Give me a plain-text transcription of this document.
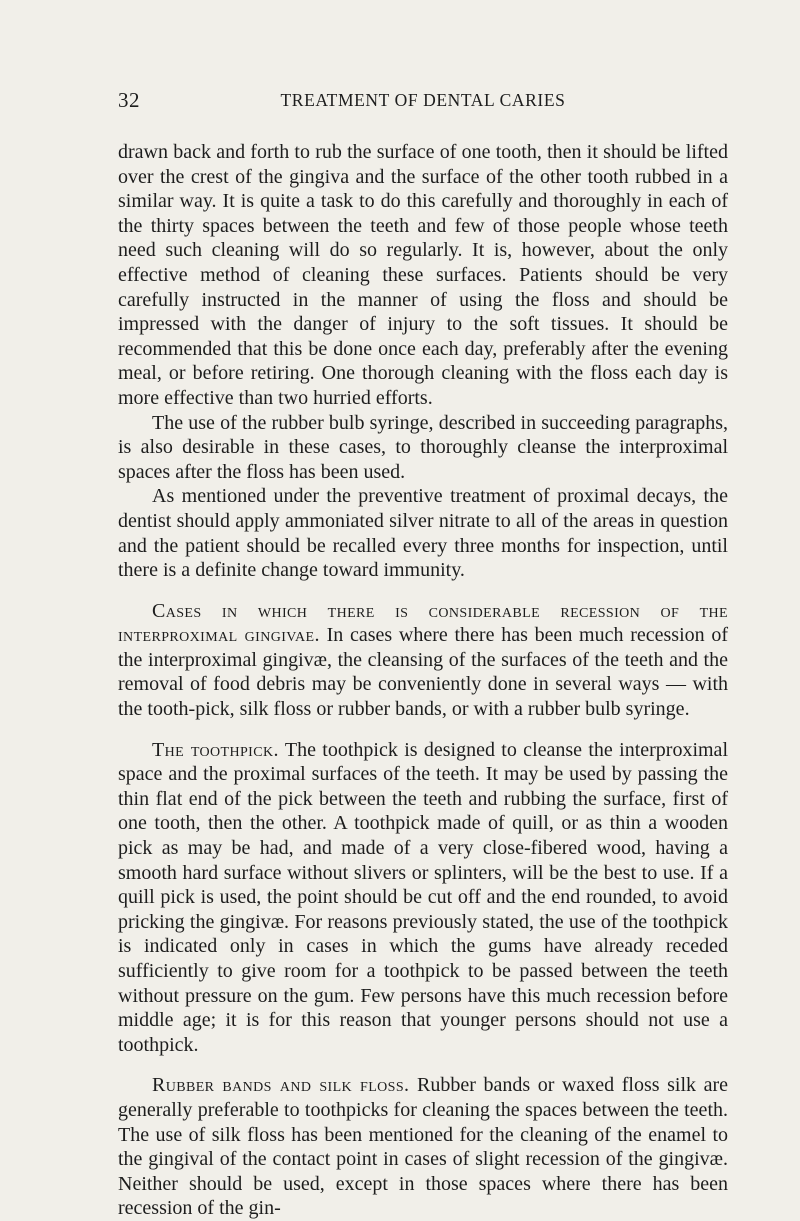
32	TREATMENT OF DENTAL CARIES

drawn back and forth to rub the surface of one tooth, then it should be lifted over the crest of the gingiva and the surface of the other tooth rubbed in a similar way. It is quite a task to do this carefully and thoroughly in each of the thirty spaces between the teeth and few of those people whose teeth need such cleaning will do so regularly. It is, however, about the only effective method of cleaning these surfaces. Patients should be very carefully instructed in the manner of using the floss and should be impressed with the danger of injury to the soft tissues. It should be recommended that this be done once each day, preferably after the evening meal, or before retiring. One thorough cleaning with the floss each day is more effective than two hurried efforts.

The use of the rubber bulb syringe, described in succeeding paragraphs, is also desirable in these cases, to thoroughly cleanse the interproximal spaces after the floss has been used.

As mentioned under the preventive treatment of proximal decays, the dentist should apply ammoniated silver nitrate to all of the areas in question and the patient should be recalled every three months for inspection, until there is a definite change toward immunity.

Cases in which there is considerable recession of the interproximal gingivae. In cases where there has been much recession of the interproximal gingivæ, the cleansing of the surfaces of the teeth and the removal of food debris may be conveniently done in several ways — with the tooth-pick, silk floss or rubber bands, or with a rubber bulb syringe.

The toothpick. The toothpick is designed to cleanse the interproximal space and the proximal surfaces of the teeth. It may be used by passing the thin flat end of the pick between the teeth and rubbing the surface, first of one tooth, then the other. A toothpick made of quill, or as thin a wooden pick as may be had, and made of a very close-fibered wood, having a smooth hard surface without slivers or splinters, will be the best to use. If a quill pick is used, the point should be cut off and the end rounded, to avoid pricking the gingivæ. For reasons previously stated, the use of the toothpick is indicated only in cases in which the gums have already receded sufficiently to give room for a toothpick to be passed between the teeth without pressure on the gum. Few persons have this much recession before middle age; it is for this reason that younger persons should not use a toothpick.

Rubber bands and silk floss. Rubber bands or waxed floss silk are generally preferable to toothpicks for cleaning the spaces between the teeth. The use of silk floss has been mentioned for the cleaning of the enamel to the gingival of the contact point in cases of slight recession of the gingivæ. Neither should be used, except in those spaces where there has been recession of the gin-
